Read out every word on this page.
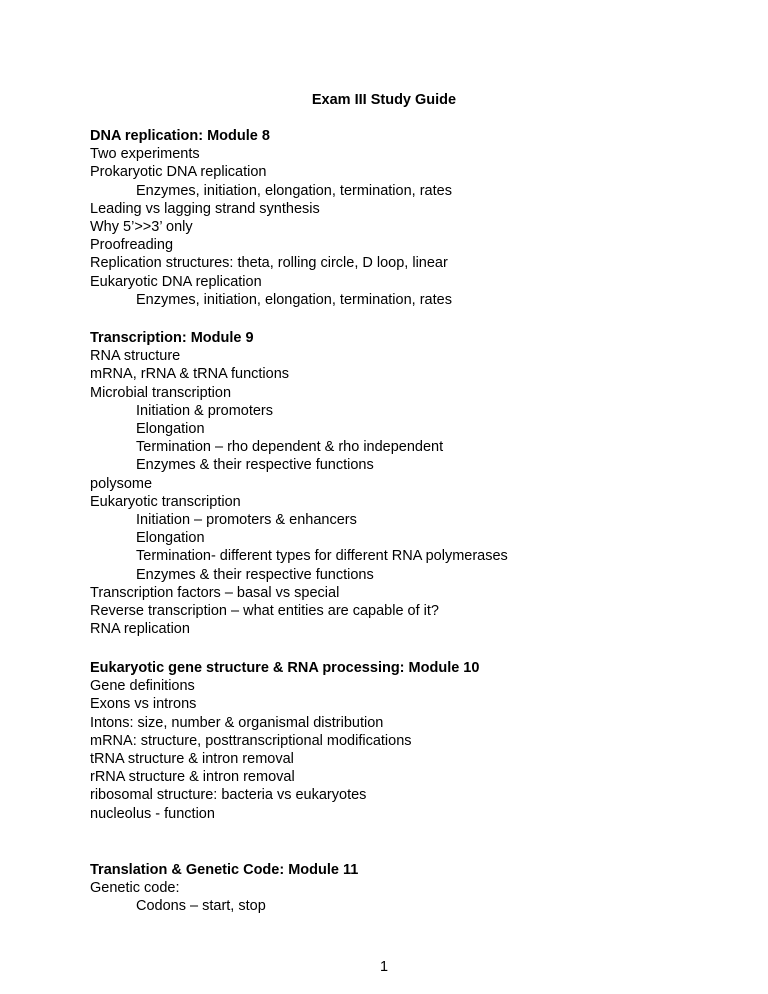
Exam III Study Guide
DNA replication: Module 8
Two experiments
Prokaryotic DNA replication
Enzymes, initiation, elongation, termination, rates
Leading vs lagging strand synthesis
Why 5’>>3’ only
Proofreading
Replication structures: theta, rolling circle, D loop, linear
Eukaryotic DNA replication
Enzymes, initiation, elongation, termination, rates
Transcription: Module 9
RNA structure
mRNA, rRNA & tRNA functions
Microbial transcription
Initiation & promoters
Elongation
Termination – rho dependent & rho independent
Enzymes & their respective functions
polysome
Eukaryotic transcription
Initiation – promoters & enhancers
Elongation
Termination- different types for different RNA polymerases
Enzymes & their respective functions
Transcription factors – basal vs special
Reverse transcription – what entities are capable of it?
RNA replication
Eukaryotic gene structure & RNA processing: Module 10
Gene definitions
Exons vs introns
Intons: size, number & organismal distribution
mRNA: structure, posttranscriptional modifications
tRNA structure & intron removal
rRNA structure & intron removal
ribosomal structure: bacteria vs eukaryotes
nucleolus - function
Translation & Genetic Code: Module 11
Genetic code:
Codons – start, stop
1
